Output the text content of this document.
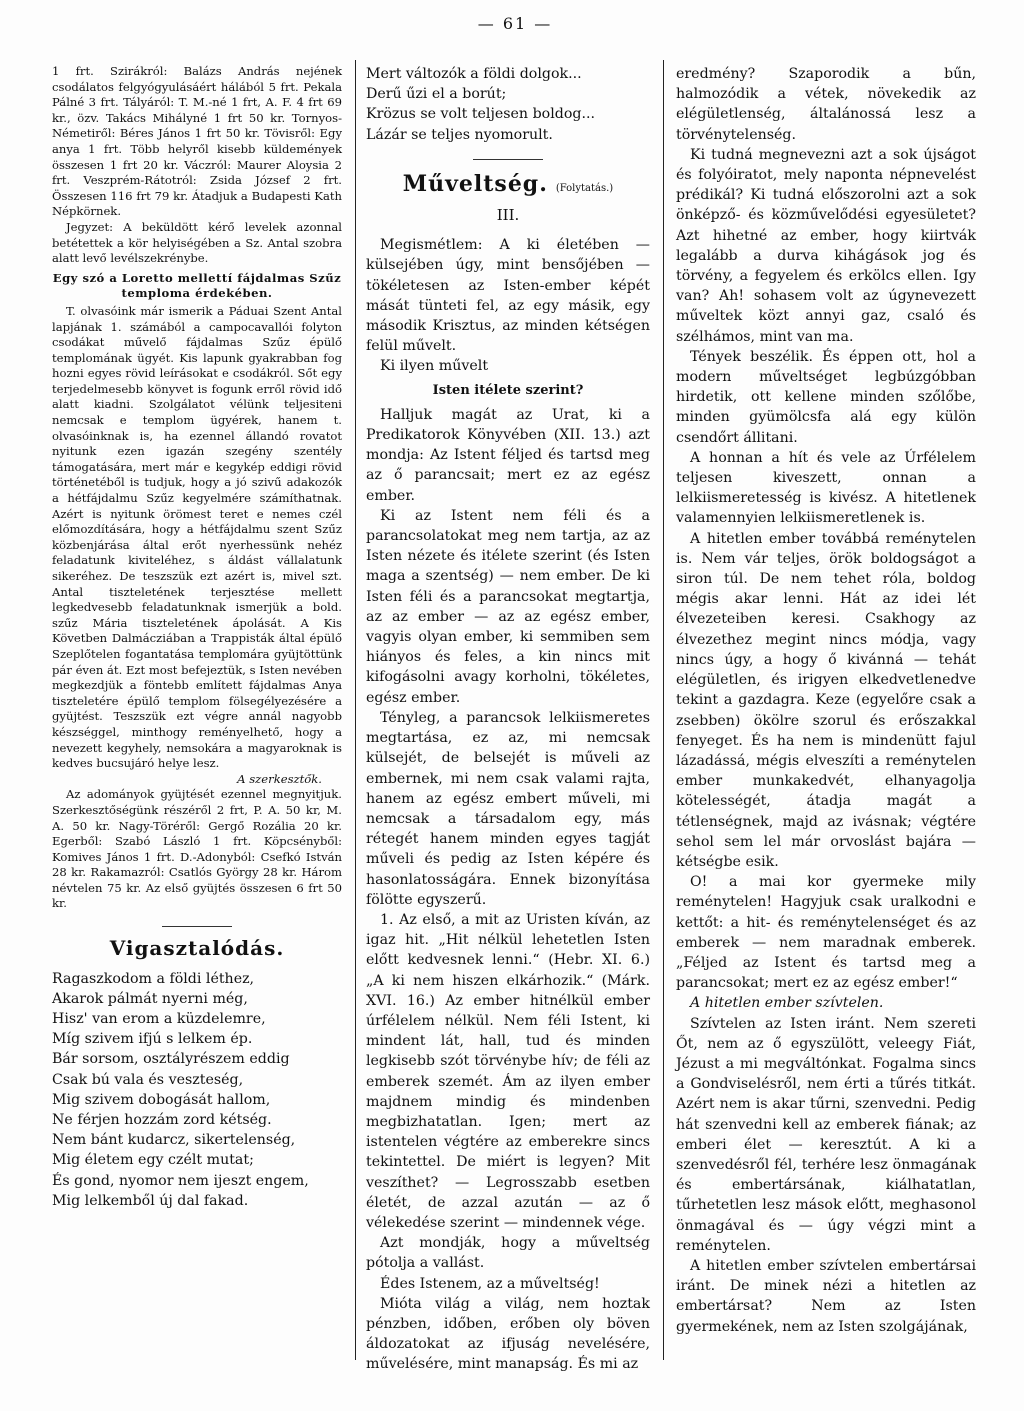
— 61 —

1 frt. Szirákról: Balázs András nejének csodálatos felgyógyulásáért hálából 5 frt. Pekala Pálné 3 frt. Tályáról: T. M.-né 1 frt, A. F. 4 frt 69 kr., özv. Takács Mihályné 1 frt 50 kr. Tornyos-Németiről: Béres János 1 frt 50 kr. Tövisről: Egy anya 1 frt. Több helyről kisebb küldemények összesen 1 frt 20 kr. Váczról: Maurer Aloysia 2 frt. Veszprém-Rátotról: Zsida József 2 frt. Összesen 116 frt 79 kr. Átadjuk a Budapesti Kath Népkörnek.

Jegyzet: A beküldött kérő levelek azonnal betétettek a kör helyiségében a Sz. Antal szobra alatt levő levélszekrénybe.

Egy szó a Loretto mellettí fájdalmas Szűz temploma érdekében.

T. olvasóink már ismerik a Páduai Szent Antal lapjának 1. számából a campocavallói folyton csodákat művelő fájdalmas Szűz épülő templomának ügyét. Kis lapunk gyakrabban fog hozni egyes rövid leírásokat e csodákról. Sőt egy terjedelmesebb könyvet is fogunk erről rövid idő alatt kiadni. Szolgálatot vélünk teljesiteni nemcsak e templom ügyérek, hanem t. olvasóinknak is, ha ezennel állandó rovatot nyitunk ezen igazán szegény szentély támogatására, mert már e kegykép eddigi rövid történetéből is tudjuk, hogy a jó szivű adakozók a hétfájdalmu Szűz kegyelmére számíthatnak. Azért is nyitunk örömest teret e nemes czél előmozdítására, hogy a hétfájdalmu szent Szűz közbenjárása által erőt nyerhessünk nehéz feladatunk kiviteléhez, s áldást vállalatunk sikeréhez. De teszszük ezt azért is, mivel szt. Antal tiszteletének terjesztése mellett legkedvesebb feladatunknak ismerjük a bold. szűz Mária tiszteletének ápolását. A Kis Követben Dalmácziában a Trappisták által épülő Szeplőtelen fogantatása templomára gyüjtöttünk pár éven át. Ezt most befejeztük, s Isten nevében megkezdjük a föntebb említett fájdalmas Anya tiszteletére épülő templom fölsegélyezésére a gyüjtést. Teszszük ezt végre annál nagyobb készséggel, minthogy reményelhető, hogy a nevezett kegyhely, nemsokára a magyaroknak is kedves bucsujáró helye lesz.

A szerkesztők.

Az adományok gyüjtését ezennel megnyitjuk. Szerkesztőségünk részéről 2 frt, P. A. 50 kr, M. A. 50 kr. Nagy-Töréről: Gergő Rozália 20 kr. Egerből: Szabó László 1 frt. Köpcsényből: Komives János 1 frt. D.-Adonyból: Csefkó István 28 kr. Rakamazról: Csatlós György 28 kr. Három névtelen 75 kr. Az első gyüjtés összesen 6 frt 50 kr.

Vigasztalódás.

Ragaszkodom a földi léthez,

Akarok pálmát nyerni még,

Hisz' van erom a küzdelemre,

Míg szivem ifjú s lelkem ép.

Bár sorsom, osztályrészem eddig

Csak bú vala és veszteség,

Mig szivem dobogását hallom,

Ne férjen hozzám zord kétség.

Nem bánt kudarcz, sikertelenség,

Mig életem egy czélt mutat;

És gond, nyomor nem ijeszt engem,

Mig lelkemből új dal fakad.

Mert változók a földi dolgok...

Derű űzi el a borút;

Krözus se volt teljesen boldog...

Lázár se teljes nyomorult.

Műveltség. (Folytatás.)
III.

Megismétlem: A ki életében — külsejében úgy, mint bensőjében — tökéletesen az Isten-ember képét mását tünteti fel, az egy másik, egy második Krisztus, az minden kétségen felül művelt.

Ki ilyen művelt

Isten itélete szerint?

Halljuk magát az Urat, ki a Predikatorok Könyvében (XII. 13.) azt mondja: Az Istent féljed és tartsd meg az ő parancsait; mert ez az egész ember.

Ki az Istent nem féli és a parancsolatokat meg nem tartja, az az Isten nézete és itélete szerint (és Isten maga a szentség) — nem ember. De ki Isten féli és a parancsokat megtartja, az az ember — az az egész ember, vagyis olyan ember, ki semmiben sem hiányos és feles, a kin nincs mit kifogásolni avagy korholni, tökéletes, egész ember.

Tényleg, a parancsok lelkiismeretes megtartása, ez az, mi nemcsak külsejét, de belsejét is műveli az embernek, mi nem csak valami rajta, hanem az egész embert műveli, mi nemcsak a társadalom egy, más rétegét hanem minden egyes tagját műveli és pedig az Isten képére és hasonlatosságára. Ennek bizonyítása fölötte egyszerű.

1. Az első, a mit az Uristen kíván, az igaz hit. „Hit nélkül lehetetlen Isten előtt kedvesnek lenni.“ (Hebr. XI. 6.) „A ki nem hiszen elkárhozik.“ (Márk. XVI. 16.) Az ember hitnélkül ember úrfélelem nélkül. Nem féli Istent, ki mindent lát, hall, tud és minden legkisebb szót törvénybe hív; de féli az emberek szemét. Ám az ilyen ember majdnem mindig és mindenben megbizhatatlan. Igen; mert az istentelen végtére az emberekre sincs tekintettel. De miért is legyen? Mit veszíthet? — Legrosszabb esetben életét, de azzal azután — az ő vélekedése szerint — mindennek vége.

Azt mondják, hogy a műveltség pótolja a vallást.

Édes Istenem, az a műveltség!

Mióta világ a világ, nem hoztak pénzben, időben, erőben oly böven áldozatokat az ifjuság nevelésére, művelésére, mint manapság. És mi az

eredmény? Szaporodik a bűn, halmozódik a vétek, növekedik az elégületlenség, általánossá lesz a törvénytelenség.

Ki tudná megnevezni azt a sok újságot és folyóiratot, mely naponta népnevelést prédikál? Ki tudná előszorolni azt a sok önképző- és közművelődési egyesületet? Azt hihetné az ember, hogy kiirtvák legalább a durva kihágások jog és törvény, a fegyelem és erkölcs ellen. Igy van? Ah! sohasem volt az úgynevezett műveltek közt annyi gaz, csaló és szélhámos, mint van ma.

Tények beszélik. És éppen ott, hol a modern műveltséget legbúzgóbban hirdetik, ott kellene minden szőlőbe, minden gyümölcsfa alá egy külön csendőrt állitani.

A honnan a hít és vele az Úrfélelem teljesen kiveszett, onnan a lelkiismeretesség is kivész. A hitetlenek valamennyien lelkiismeretlenek is.

A hitetlen ember továbbá reménytelen is. Nem vár teljes, örök boldogságot a siron túl. De nem tehet róla, boldog mégis akar lenni. Hát az idei lét élvezeteiben keresi. Csakhogy az élvezethez megint nincs módja, vagy nincs úgy, a hogy ő kivánná — tehát elégületlen, és irigyen elkedvetlenedve tekint a gazdagra. Keze (egyelőre csak a zsebben) ökölre szorul és erőszakkal fenyeget. És ha nem is mindenütt fajul lázadássá, mégis elveszíti a reménytelen ember munkakedvét, elhanyagolja kötelességét, átadja magát a tétlenségnek, majd az ivásnak; végtére sehol sem lel már orvoslást bajára — kétségbe esik.

O! a mai kor gyermeke mily reménytelen! Hagyjuk csak uralkodni e kettőt: a hit- és reménytelenséget és az emberek — nem maradnak emberek. „Féljed az Istent és tartsd meg a parancsokat; mert ez az egész ember!“

A hitetlen ember szívtelen.

Szívtelen az Isten iránt. Nem szereti Őt, nem az ő egyszülött, veleegy Fiát, Jézust a mi megváltónkat. Fogalma sincs a Gondviselésről, nem érti a tűrés titkát. Azért nem is akar tűrni, szenvedni. Pedig hát szenvedni kell az emberek fiának; az emberi élet — keresztút. A ki a szenvedésről fél, terhére lesz önmagának és embertársának, kiálhatatlan, tűrhetetlen lesz mások előtt, meghasonol önmagával és — úgy végzi mint a reménytelen.

A hitetlen ember szívtelen embertársai iránt. De minek nézi a hitetlen az embertársat? Nem az Isten gyermekének, nem az Isten szolgájának,
